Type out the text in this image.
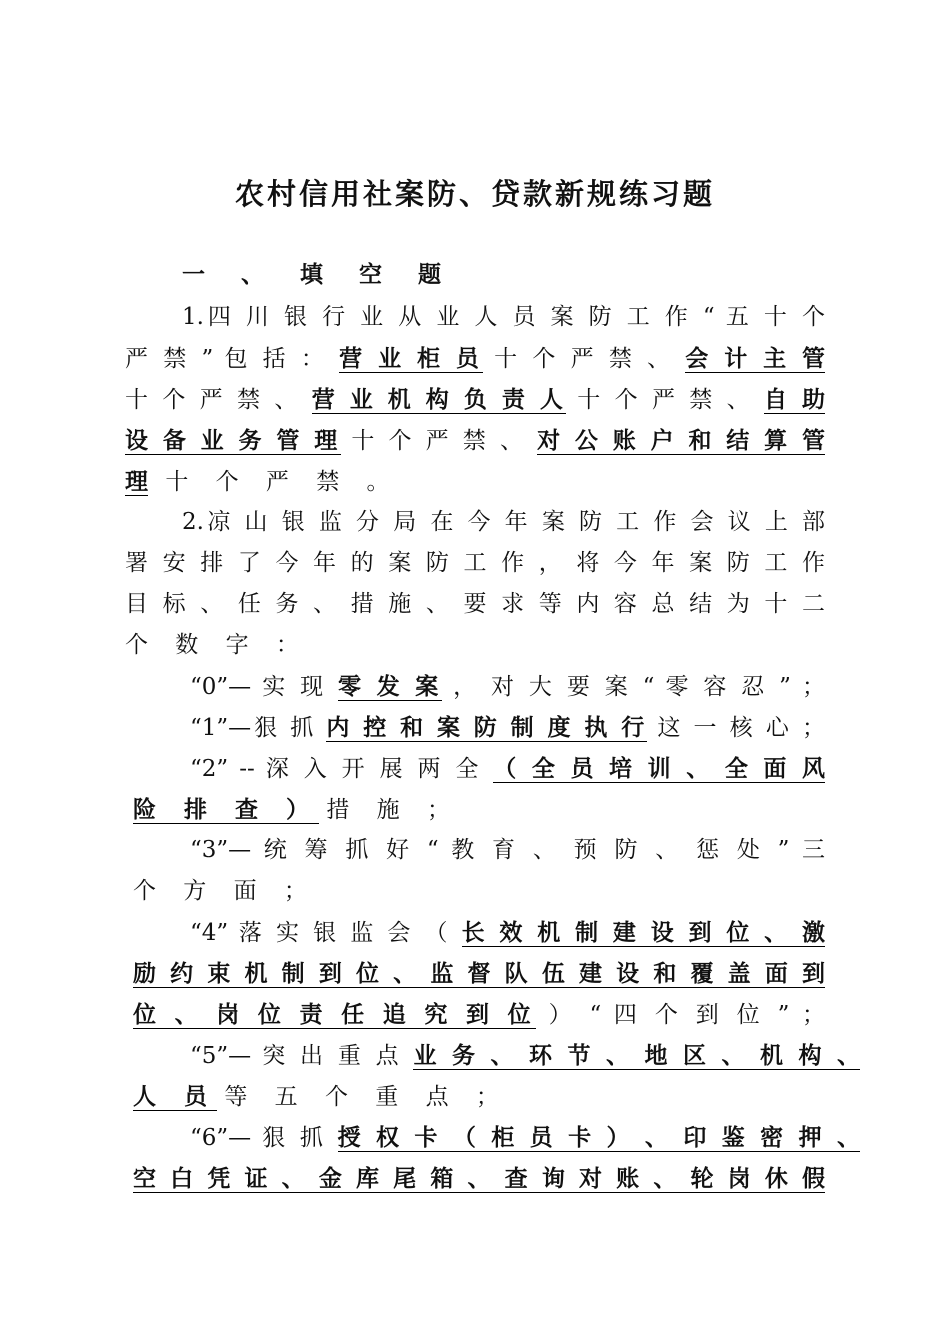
农村信用社案防、贷款新规练习题
一 、 填 空 题
1.四 川 银 行 业 从 业 人 员 案 防 工 作 “ 五 十 个
严 禁 ” 包 括 ： 营 业 柜 员 十 个 严 禁 、 会 计 主 管
十 个 严 禁 、 营 业 机 构 负 责 人 十 个 严 禁 、 自 助
设 备 业 务 管 理 十 个 严 禁 、 对 公 账 户 和 结 算 管
理 十 个 严 禁 。
2.凉 山 银 监 分 局 在 今 年 案 防 工 作 会 议 上 部
署 安 排 了 今 年 的 案 防 工 作 ， 将 今 年 案 防 工 作
目 标 、 任 务 、 措 施 、 要 求 等 内 容 总 结 为 十 二
个 数 字 ：
“0”— 实 现 零 发 案 ， 对 大 要 案 “ 零 容 忍 ” ；
“1”—狠 抓 内 控 和 案 防 制 度 执 行 这 一 核 心 ；
“2” -- 深 入 开 展 两 全 （ 全 员 培 训 、 全 面 风
险 排 查 ） 措 施 ；
“3”— 统 筹 抓 好 “ 教 育 、 预 防 、 惩 处 ” 三
个 方 面 ；
“4” 落 实 银 监 会 （ 长 效 机 制 建 设 到 位 、 激
励 约 束 机 制 到 位 、 监 督 队 伍 建 设 和 覆 盖 面 到
位 、 岗 位 责 任 追 究 到 位 ） “ 四 个 到 位 ” ；
“5”— 突 出 重 点 业 务 、 环 节 、 地 区 、 机 构 、
人 员 等 五 个 重 点 ；
“6”— 狠 抓 授 权 卡 （ 柜 员 卡 ） 、 印 鉴 密 押 、
空 白 凭 证 、 金 库 尾 箱 、 查 询 对 账 、 轮 岗 休 假
